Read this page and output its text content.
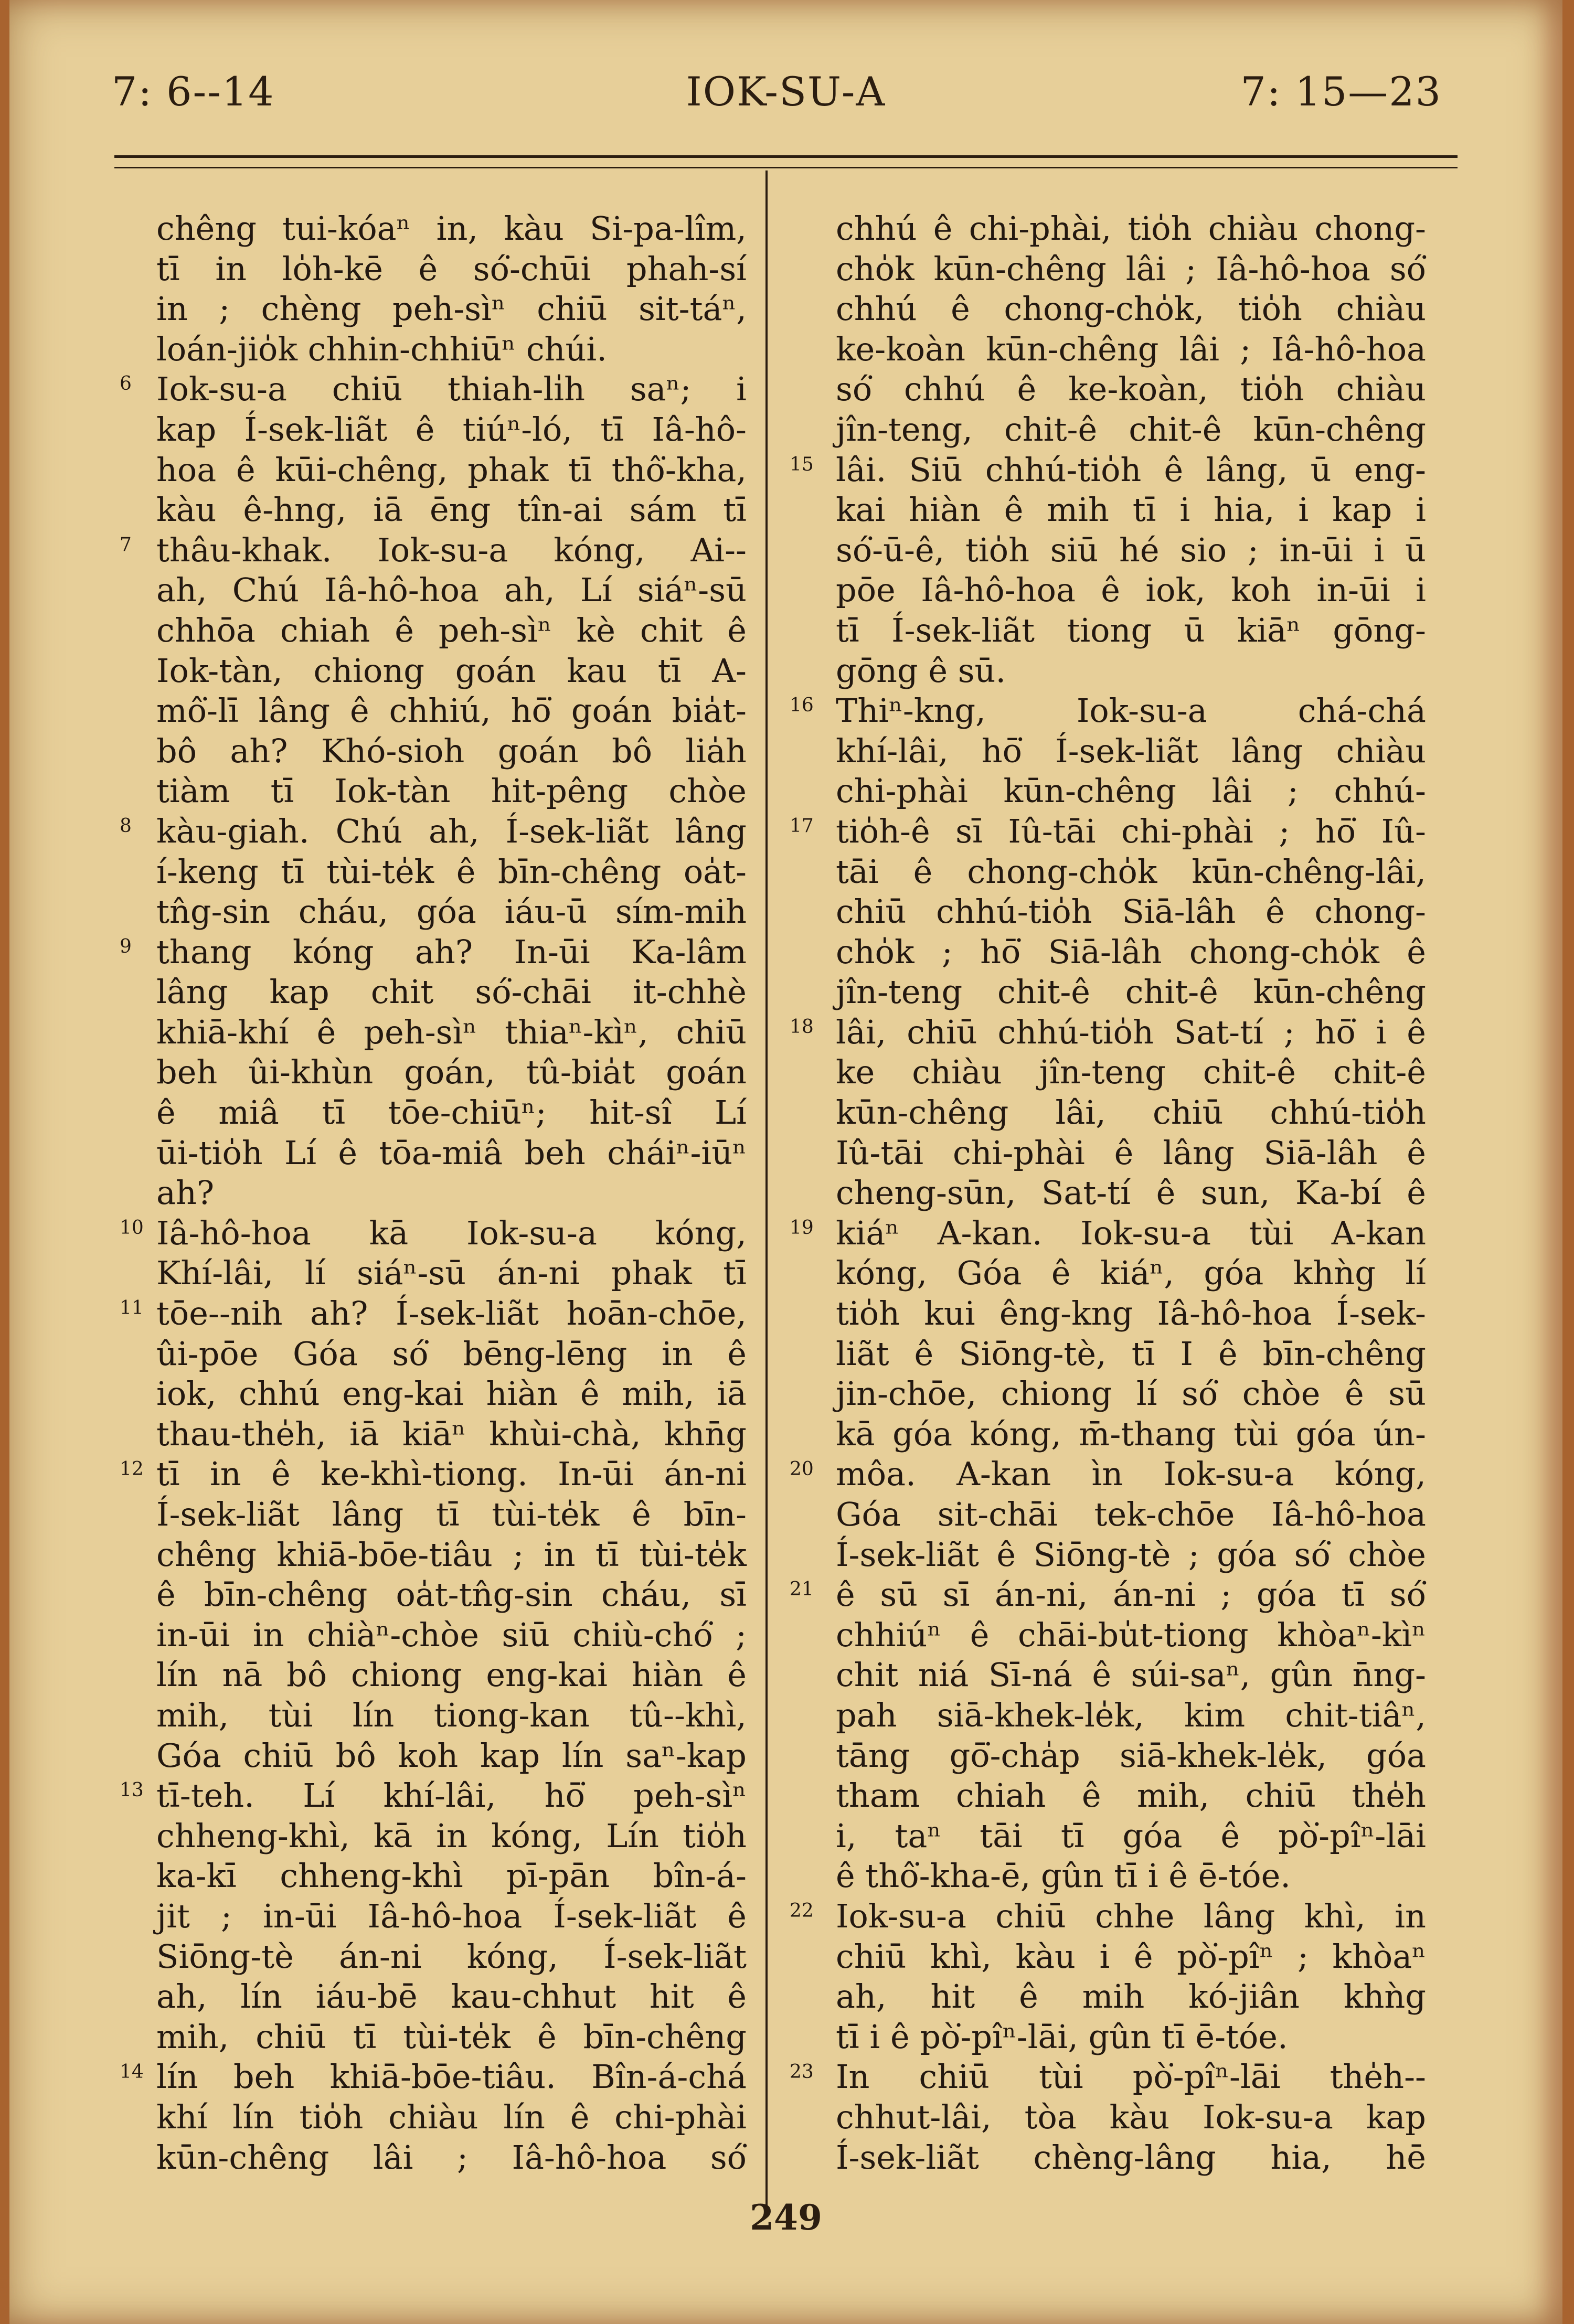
7: 6--14	IOK-SU-A	7: 15—23
chêng tui-kóaⁿ in, kàu Si-pa-lîm,
tī in lo̍h-kē ê só͘-chūi phah-sí
in ; chèng peh-sìⁿ chiū sit-táⁿ,
loán-jio̍k chhin-chhiūⁿ chúi.
Iok-su-a chiū thiah-li̍h saⁿ; i
6
kap Í-sek-liãt ê tiúⁿ-ló, tī Iâ-hô-
hoa ê kūi-chêng, phak tī thô͘-kha,
kàu ê-hng, iā ēng tîn-ai sám tī
thâu-khak. Iok-su-a kóng, Ai--
7
ah, Chú Iâ-hô-hoa ah, Lí siáⁿ-sū
chhōa chiah ê peh-sìⁿ kè chit ê
Iok-tàn, chiong goán kau tī A-
mô͘-lī lâng ê chhiú, hō͘ goán bia̍t-
bô ah? Khó-sioh goán bô lia̍h
tiàm tī Iok-tàn hit-pêng chòe
kàu-giah. Chú ah, Í-sek-liãt lâng
8
í-keng tī tùi-te̍k ê bīn-chêng oa̍t-
tn̂g-sin cháu, góa iáu-ū sím-mih
thang kóng ah? In-ūi Ka-lâm
9
lâng kap chit só͘-chāi it-chhè
khiā-khí ê peh-sìⁿ thiaⁿ-kìⁿ, chiū
beh ûi-khùn goán, tû-bia̍t goán
ê miâ tī tōe-chiūⁿ; hit-sî Lí
ūi-tio̍h Lí ê tōa-miâ beh cháiⁿ-iūⁿ
ah?
Iâ-hô-hoa kā Iok-su-a kóng,
10
Khí-lâi, lí siáⁿ-sū án-ni phak tī
tōe--nih ah? Í-sek-liãt hoān-chōe,
11
ûi-pōe Góa só͘ bēng-lēng in ê
iok, chhú eng-kai hiàn ê mih, iā
thau-the̍h, iā kiāⁿ khùi-chà, khn̄g
tī in ê ke-khì-tiong. In-ūi án-ni
12
Í-sek-liãt lâng tī tùi-te̍k ê bīn-
chêng khiā-bōe-tiâu ; in tī tùi-te̍k
ê bīn-chêng oa̍t-tn̂g-sin cháu, sī
in-ūi in chiàⁿ-chòe siū chiù-chó͘ ;
lín nā bô chiong eng-kai hiàn ê
mih, tùi lín tiong-kan tû--khì,
Góa chiū bô koh kap lín saⁿ-kap
tī-teh. Lí khí-lâi, hō͘ peh-sìⁿ
13
chheng-khì, kā in kóng, Lín tio̍h
ka-kī chheng-khì pī-pān bîn-á-
jit ; in-ūi Iâ-hô-hoa Í-sek-liãt ê
Siōng-tè án-ni kóng, Í-sek-liãt
ah, lín iáu-bē kau-chhut hit ê
mih, chiū tī tùi-te̍k ê bīn-chêng
lín beh khiā-bōe-tiâu. Bîn-á-chá
14
khí lín tio̍h chiàu lín ê chi-phài
kūn-chêng lâi ; Iâ-hô-hoa só͘
chhú ê chi-phài, tio̍h chiàu chong-
cho̍k kūn-chêng lâi ; Iâ-hô-hoa só͘
chhú ê chong-cho̍k, tio̍h chiàu
ke-koàn kūn-chêng lâi ; Iâ-hô-hoa
só͘ chhú ê ke-koàn, tio̍h chiàu
jîn-teng, chit-ê chit-ê kūn-chêng
lâi. Siū chhú-tio̍h ê lâng, ū eng-
15
kai hiàn ê mih tī i hia, i kap i
só͘-ū-ê, tio̍h siū hé sio ; in-ūi i ū
pōe Iâ-hô-hoa ê iok, koh in-ūi i
tī Í-sek-liãt tiong ū kiāⁿ gōng-
gōng ê sū.
Thiⁿ-kng, Iok-su-a chá-chá
16
khí-lâi, hō͘ Í-sek-liãt lâng chiàu
chi-phài kūn-chêng lâi ; chhú-
tio̍h-ê sī Iû-tāi chi-phài ; hō͘ Iû-
17
tāi ê chong-cho̍k kūn-chêng-lâi,
chiū chhú-tio̍h Siā-lâh ê chong-
cho̍k ; hō͘ Siā-lâh chong-cho̍k ê
jîn-teng chit-ê chit-ê kūn-chêng
lâi, chiū chhú-tio̍h Sat-tí ; hō͘ i ê
18
ke chiàu jîn-teng chit-ê chit-ê
kūn-chêng lâi, chiū chhú-tio̍h
Iû-tāi chi-phài ê lâng Siā-lâh ê
cheng-sūn, Sat-tí ê sun, Ka-bí ê
kiáⁿ A-kan. Iok-su-a tùi A-kan
19
kóng, Góa ê kiáⁿ, góa khǹg lí
tio̍h kui êng-kng Iâ-hô-hoa Í-sek-
liãt ê Siōng-tè, tī I ê bīn-chêng
jin-chōe, chiong lí só͘ chòe ê sū
kā góa kóng, m̄-thang tùi góa ún-
môa. A-kan ìn Iok-su-a kóng,
20
Góa sit-chāi tek-chōe Iâ-hô-hoa
Í-sek-liãt ê Siōng-tè ; góa só͘ chòe
ê sū sī án-ni, án-ni ; góa tī só͘
21
chhiúⁿ ê chāi-bu̍t-tiong khòaⁿ-kìⁿ
chit niá Sī-ná ê súi-saⁿ, gûn n̄ng-
pah siā-khek-le̍k, kim chit-tiâⁿ,
tāng gō͘-cha̍p siā-khek-le̍k, góa
tham chiah ê mih, chiū the̍h
i, taⁿ tāi tī góa ê pò͘-pîⁿ-lāi
ê thô͘-kha-ē, gûn tī i ê ē-tóe.
Iok-su-a chiū chhe lâng khì, in
22
chiū khì, kàu i ê pò͘-pîⁿ ; khòaⁿ
ah, hit ê mih kó-jiân khǹg
tī i ê pò͘-pîⁿ-lāi, gûn tī ē-tóe.
In chiū tùi pò͘-pîⁿ-lāi the̍h--
23
chhut-lâi, tòa kàu Iok-su-a kap
Í-sek-liãt chèng-lâng hia, hē
249
